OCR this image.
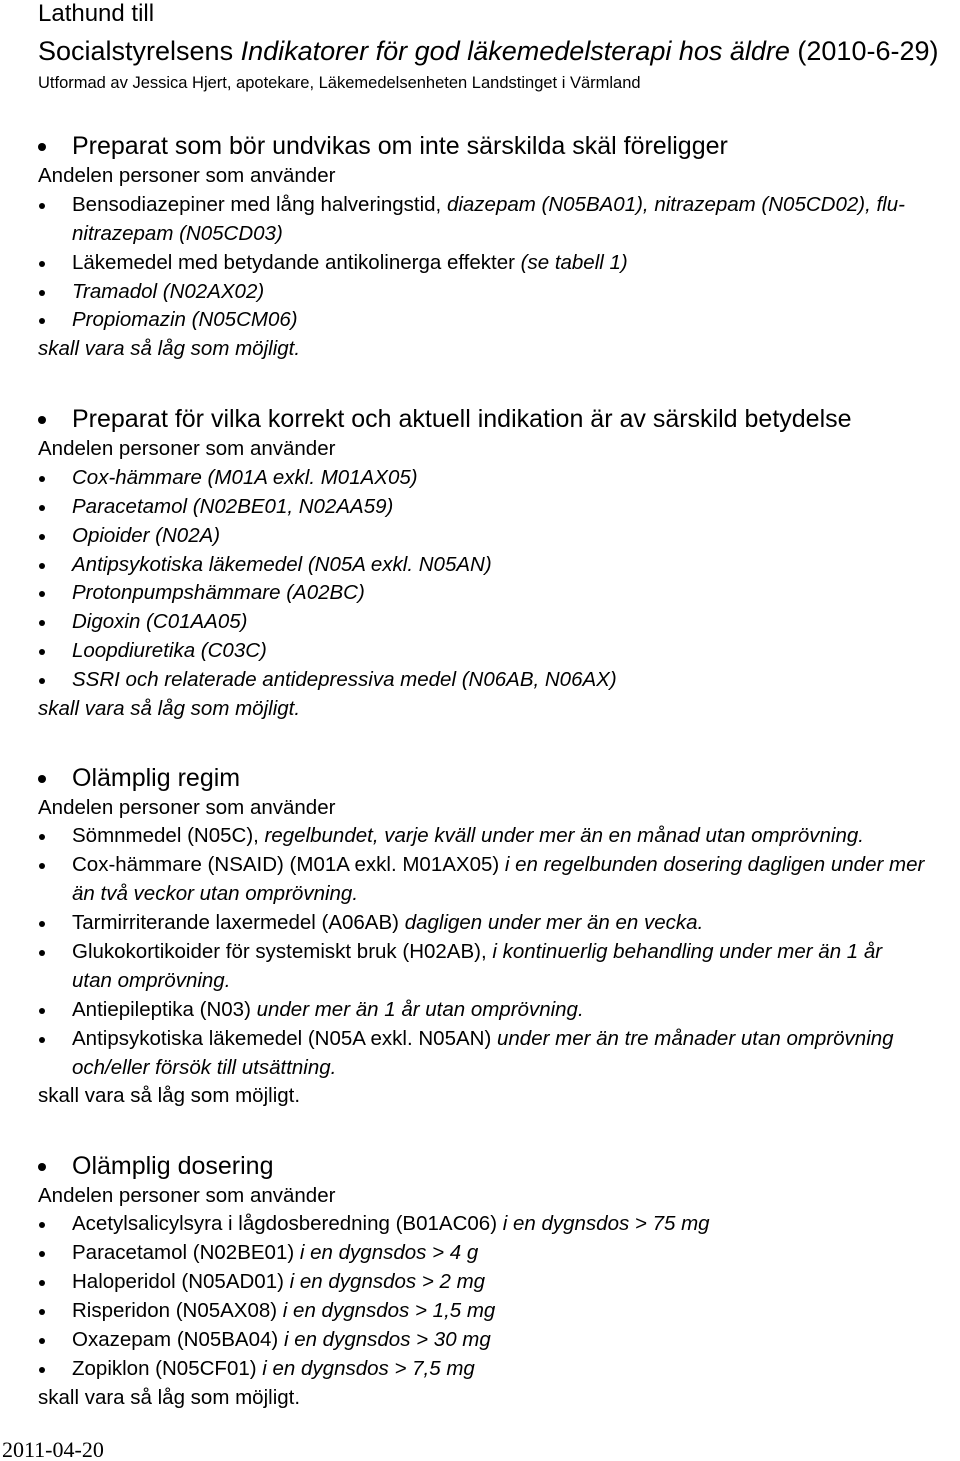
Lathund till
Socialstyrelsens Indikatorer för god läkemedelsterapi hos äldre (2010-6-29)
Utformad av Jessica Hjert, apotekare, Läkemedelsenheten Landstinget i Värmland
Preparat som bör undvikas om inte särskilda skäl föreligger
Andelen personer som använder
Bensodiazepiner med lång halveringstid, diazepam (N05BA01), nitrazepam (N05CD02), flu-
nitrazepam (N05CD03)
Läkemedel med betydande antikolinerga effekter (se tabell 1)
Tramadol (N02AX02)
Propiomazin (N05CM06)
skall vara så låg som möjligt.
Preparat för vilka korrekt och aktuell indikation är av särskild betydelse
Andelen personer som använder
Cox-hämmare (M01A exkl. M01AX05)
Paracetamol (N02BE01, N02AA59)
Opioider (N02A)
Antipsykotiska läkemedel (N05A exkl. N05AN)
Protonpumpshämmare (A02BC)
Digoxin (C01AA05)
Loopdiuretika (C03C)
SSRI och relaterade antidepressiva medel (N06AB, N06AX)
skall vara så låg som möjligt.
Olämplig regim
Andelen personer som använder
Sömnmedel (N05C), regelbundet, varje kväll under mer än en månad utan omprövning.
Cox-hämmare (NSAID) (M01A exkl. M01AX05) i en regelbunden dosering dagligen under mer
än två veckor utan omprövning.
Tarmirriterande laxermedel (A06AB) dagligen under mer än en vecka.
Glukokortikoider för systemiskt bruk (H02AB), i kontinuerlig behandling under mer än 1 år
utan omprövning.
Antiepileptika (N03) under mer än 1 år utan omprövning.
Antipsykotiska läkemedel (N05A exkl. N05AN) under mer än tre månader utan omprövning
och/eller försök till utsättning.
skall vara så låg som möjligt.
Olämplig dosering
Andelen personer som använder
Acetylsalicylsyra i lågdosberedning (B01AC06) i en dygnsdos > 75 mg
Paracetamol (N02BE01) i en dygnsdos > 4 g
Haloperidol (N05AD01) i en dygnsdos > 2 mg
Risperidon (N05AX08) i en dygnsdos > 1,5 mg
Oxazepam (N05BA04) i en dygnsdos > 30 mg
Zopiklon (N05CF01) i en dygnsdos > 7,5 mg
skall vara så låg som möjligt.
2011-04-20
